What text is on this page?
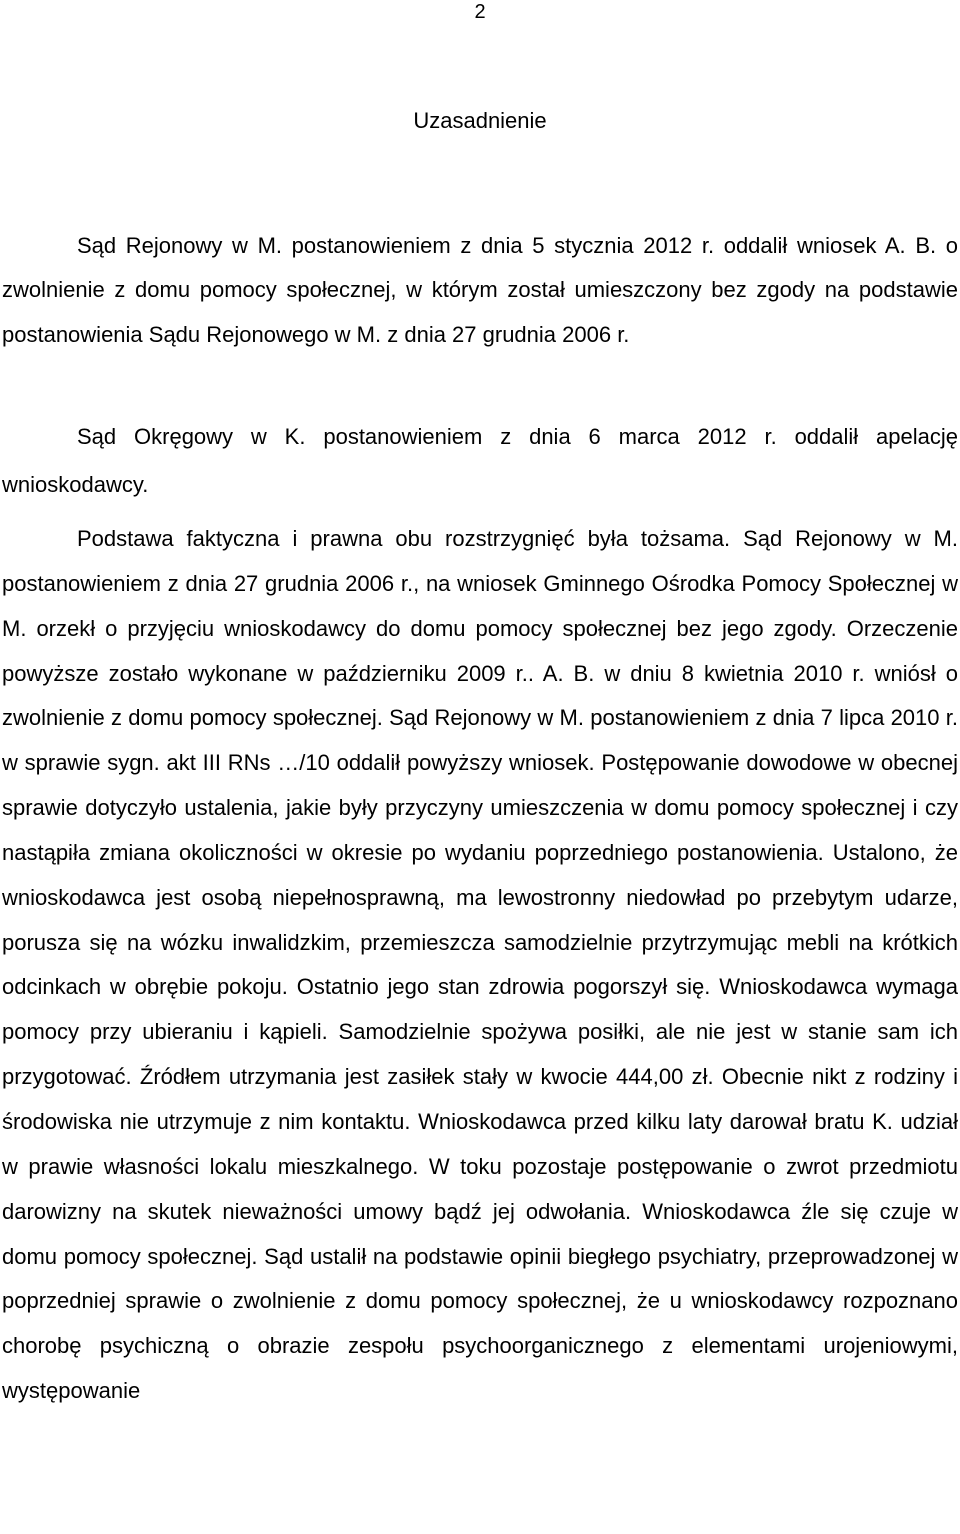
2
Uzasadnienie

Sąd Rejonowy w M. postanowieniem z dnia 5 stycznia 2012 r. oddalił wniosek A. B. o zwolnienie z domu pomocy społecznej, w którym został umieszczony bez zgody na podstawie postanowienia Sądu Rejonowego w M. z dnia 27 grudnia 2006 r.

Sąd Okręgowy w K. postanowieniem z dnia 6 marca 2012 r. oddalił apelację wnioskodawcy.

Podstawa faktyczna i prawna obu rozstrzygnięć była tożsama. Sąd Rejonowy w M. postanowieniem z dnia 27 grudnia 2006 r., na wniosek Gminnego Ośrodka Pomocy Społecznej w M. orzekł o przyjęciu wnioskodawcy do domu pomocy społecznej bez jego zgody. Orzeczenie powyższe zostało wykonane w październiku 2009 r.. A. B. w dniu 8 kwietnia 2010 r. wniósł o zwolnienie z domu pomocy społecznej. Sąd Rejonowy w M. postanowieniem z dnia 7 lipca 2010 r. w sprawie sygn. akt III RNs …/10 oddalił powyższy wniosek. Postępowanie dowodowe w obecnej sprawie dotyczyło ustalenia, jakie były przyczyny umieszczenia w domu pomocy społecznej i czy nastąpiła zmiana okoliczności w okresie po wydaniu poprzedniego postanowienia. Ustalono, że wnioskodawca jest osobą niepełnosprawną, ma lewostronny niedowład po przebytym udarze, porusza się na wózku inwalidzkim, przemieszcza samodzielnie przytrzymując mebli na krótkich odcinkach w obrębie pokoju. Ostatnio jego stan zdrowia pogorszył się. Wnioskodawca wymaga pomocy przy ubieraniu i kąpieli. Samodzielnie spożywa posiłki, ale nie jest w stanie sam ich przygotować. Źródłem utrzymania jest zasiłek stały w kwocie 444,00 zł. Obecnie nikt z rodziny i środowiska nie utrzymuje z nim kontaktu. Wnioskodawca przed kilku laty darował bratu K. udział w prawie własności lokalu mieszkalnego. W toku pozostaje postępowanie o zwrot przedmiotu darowizny na skutek nieważności umowy bądź jej odwołania. Wnioskodawca źle się czuje w domu pomocy społecznej. Sąd ustalił na podstawie opinii biegłego psychiatry, przeprowadzonej w poprzedniej sprawie o zwolnienie z domu pomocy społecznej, że u wnioskodawcy rozpoznano chorobę psychiczną o obrazie zespołu psychoorganicznego z elementami urojeniowymi, występowanie
